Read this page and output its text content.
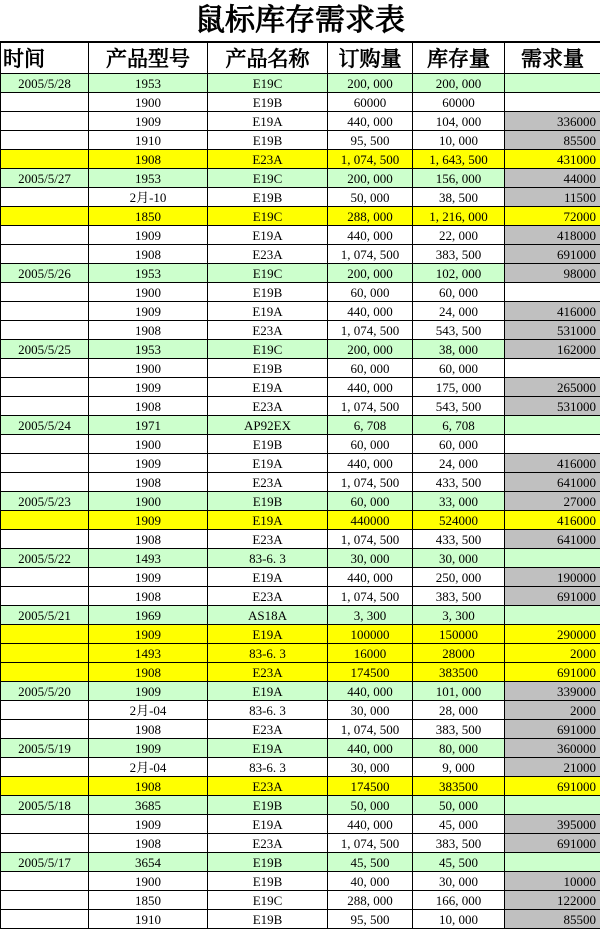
鼠标库存需求表
时间	产品型号	产品名称	订购量	库存量	需求量
2005/5/28	1953	E19C	200, 000	200, 000	
	1900	E19B	60000	60000	
	1909	E19A	440, 000	104, 000	336000
	1910	E19B	95, 500	10, 000	85500
	1908	E23A	1, 074, 500	1, 643, 500	431000
2005/5/27	1953	E19C	200, 000	156, 000	44000
	2月-10	E19B	50, 000	38, 500	11500
	1850	E19C	288, 000	1, 216, 000	72000
	1909	E19A	440, 000	22, 000	418000
	1908	E23A	1, 074, 500	383, 500	691000
2005/5/26	1953	E19C	200, 000	102, 000	98000
	1900	E19B	60, 000	60, 000	
	1909	E19A	440, 000	24, 000	416000
	1908	E23A	1, 074, 500	543, 500	531000
2005/5/25	1953	E19C	200, 000	38, 000	162000
	1900	E19B	60, 000	60, 000	
	1909	E19A	440, 000	175, 000	265000
	1908	E23A	1, 074, 500	543, 500	531000
2005/5/24	1971	AP92EX	6, 708	6, 708	
	1900	E19B	60, 000	60, 000	
	1909	E19A	440, 000	24, 000	416000
	1908	E23A	1, 074, 500	433, 500	641000
2005/5/23	1900	E19B	60, 000	33, 000	27000
	1909	E19A	440000	524000	416000
	1908	E23A	1, 074, 500	433, 500	641000
2005/5/22	1493	83-6. 3	30, 000	30, 000	
	1909	E19A	440, 000	250, 000	190000
	1908	E23A	1, 074, 500	383, 500	691000
2005/5/21	1969	AS18A	3, 300	3, 300	
	1909	E19A	100000	150000	290000
	1493	83-6. 3	16000	28000	2000
	1908	E23A	174500	383500	691000
2005/5/20	1909	E19A	440, 000	101, 000	339000
	2月-04	83-6. 3	30, 000	28, 000	2000
	1908	E23A	1, 074, 500	383, 500	691000
2005/5/19	1909	E19A	440, 000	80, 000	360000
	2月-04	83-6. 3	30, 000	9, 000	21000
	1908	E23A	174500	383500	691000
2005/5/18	3685	E19B	50, 000	50, 000	
	1909	E19A	440, 000	45, 000	395000
	1908	E23A	1, 074, 500	383, 500	691000
2005/5/17	3654	E19B	45, 500	45, 500	
	1900	E19B	40, 000	30, 000	10000
	1850	E19C	288, 000	166, 000	122000
	1910	E19B	95, 500	10, 000	85500
